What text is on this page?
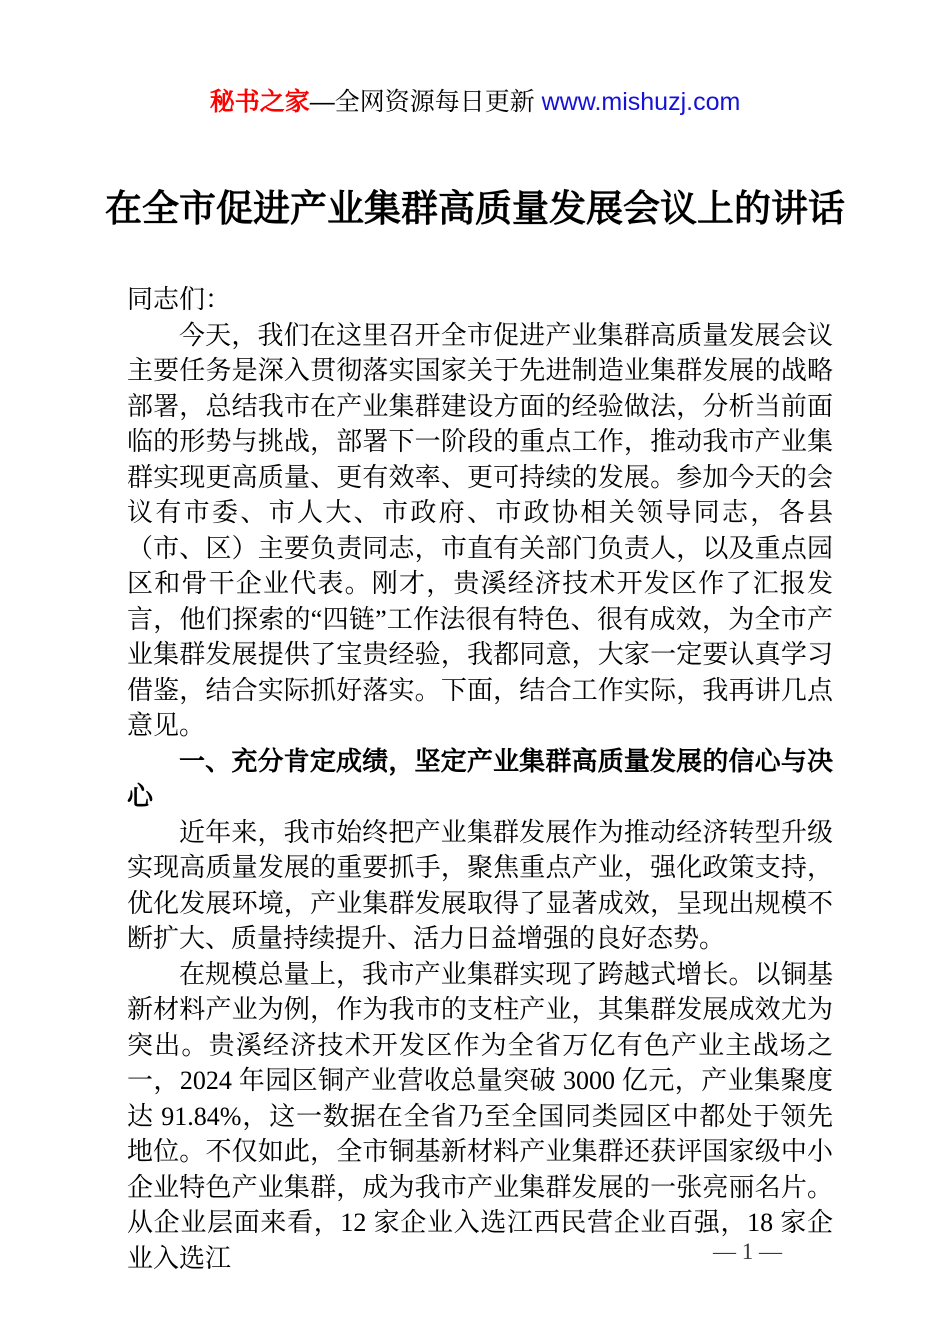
秘书之家—全网资源每日更新 www.mishuzj.com
在全市促进产业集群高质量发展会议上的讲话

同志们：

今天，我们在这里召开全市促进产业集群高质量发展会议主要任务是深入贯彻落实国家关于先进制造业集群发展的战略部署，总结我市在产业集群建设方面的经验做法，分析当前面临的形势与挑战，部署下一阶段的重点工作，推动我市产业集群实现更高质量、更有效率、更可持续的发展。参加今天的会议有市委、市人大、市政府、市政协相关领导同志，各县（市、区）主要负责同志，市直有关部门负责人，以及重点园区和骨干企业代表。刚才，贵溪经济技术开发区作了汇报发言，他们探索的“四链”工作法很有特色、很有成效，为全市产业集群发展提供了宝贵经验，我都同意，大家一定要认真学习借鉴，结合实际抓好落实。下面，结合工作实际，我再讲几点意见。

一、充分肯定成绩，坚定产业集群高质量发展的信心与决心

近年来，我市始终把产业集群发展作为推动经济转型升级实现高质量发展的重要抓手，聚焦重点产业，强化政策支持，优化发展环境，产业集群发展取得了显著成效，呈现出规模不断扩大、质量持续提升、活力日益增强的良好态势。

在规模总量上，我市产业集群实现了跨越式增长。以铜基新材料产业为例，作为我市的支柱产业，其集群发展成效尤为突出。贵溪经济技术开发区作为全省万亿有色产业主战场之一，2024 年园区铜产业营收总量突破 3000 亿元，产业集聚度达 91.84%，这一数据在全省乃至全国同类园区中都处于领先地位。不仅如此，全市铜基新材料产业集群还获评国家级中小企业特色产业集群，成为我市产业集群发展的一张亮丽名片。从企业层面来看，12 家企业入选江西民营企业百强，18 家企业入选江	— 1 —
